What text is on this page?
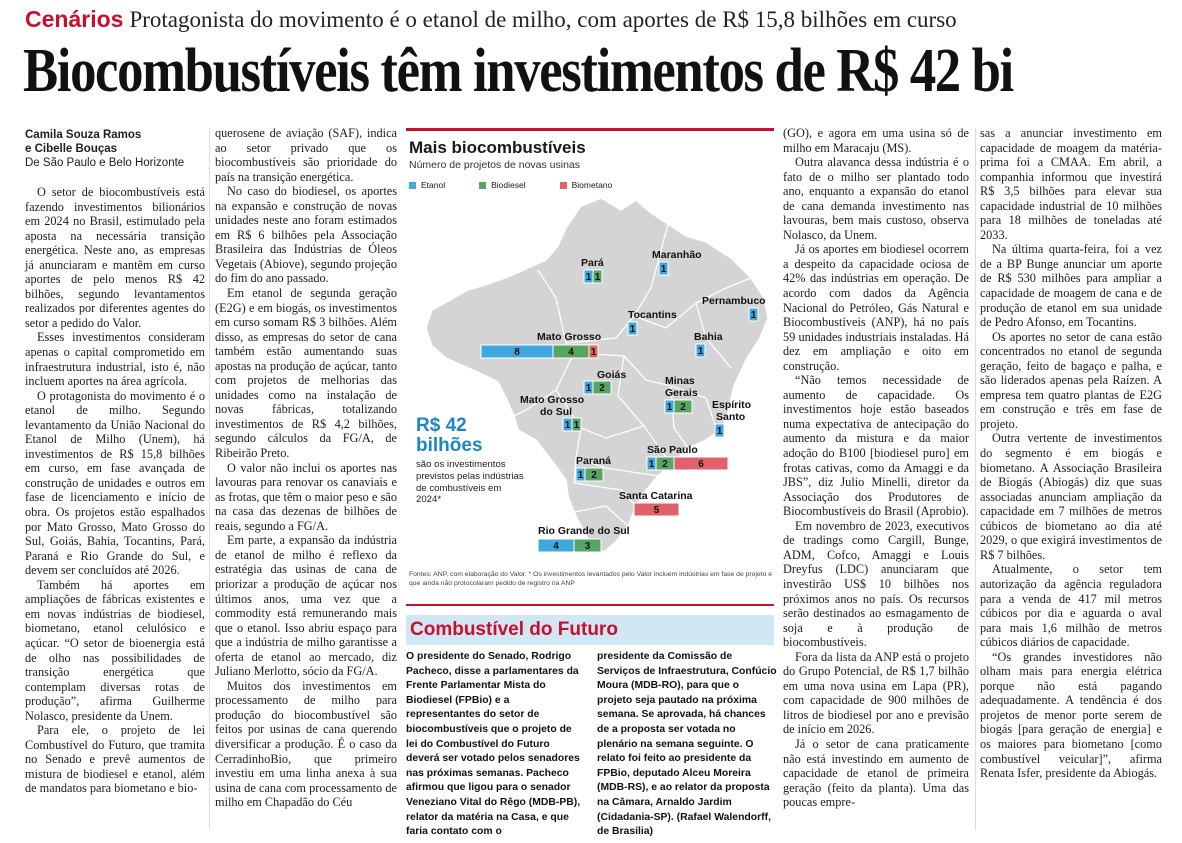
Cenários Protagonista do movimento é o etanol de milho, com aportes de R$ 15,8 bilhões em curso
Biocombustíveis têm investimentos de R$ 42 bi
Camila Souza Ramos
e Cibelle Bouças
De São Paulo e Belo Horizonte

O setor de biocombustíveis está fazendo investimentos bilionários em 2024 no Brasil, estimulado pela aposta na necessária transição energética. Neste ano, as empresas já anunciaram e mantêm em curso aportes de pelo menos R$ 42 bilhões, segundo levantamentos realizados por diferentes agentes do setor a pedido do Valor.

Esses investimentos consideram apenas o capital comprometido em infraestrutura industrial, isto é, não incluem aportes na área agrícola.

O protagonista do movimento é o etanol de milho. Segundo levantamento da União Nacional do Etanol de Milho (Unem), há investimentos de R$ 15,8 bilhões em curso, em fase avançada de construção de unidades e outros em fase de licenciamento e início de obra. Os projetos estão espalhados por Mato Grosso, Mato Grosso do Sul, Goiás, Bahia, Tocantins, Pará, Paraná e Rio Grande do Sul, e devem ser concluídos até 2026.

Também há aportes em ampliações de fábricas existentes e em novas indústrias de biodiesel, biometano, etanol celulósico e açúcar. “O setor de bioenergia está de olho nas possibilidades de transição energética que contemplam diversas rotas de produção”, afirma Guilherme Nolasco, presidente da Unem.

Para ele, o projeto de lei Combustível do Futuro, que tramita no Senado e prevê aumentos de mistura de biodiesel e etanol, além de mandatos para biometano e bio-

querosene de aviação (SAF), indica ao setor privado que os biocombustíveis são prioridade do país na transição energética.

No caso do biodiesel, os aportes na expansão e construção de novas unidades neste ano foram estimados em R$ 6 bilhões pela Associação Brasileira das Indústrias de Óleos Vegetais (Abiove), segundo projeção do fim do ano passado.

Em etanol de segunda geração (E2G) e em biogás, os investimentos em curso somam R$ 3 bilhões. Além disso, as empresas do setor de cana também estão aumentando suas apostas na produção de açúcar, tanto com projetos de melhorias das unidades como na instalação de novas fábricas, totalizando investimentos de R$ 4,2 bilhões, segundo cálculos da FG/A, de Ribeirão Preto.

O valor não inclui os aportes nas lavouras para renovar os canaviais e as frotas, que têm o maior peso e são na casa das dezenas de bilhões de reais, segundo a FG/A.

Em parte, a expansão da indústria de etanol de milho é reflexo da estratégia das usinas de cana de priorizar a produção de açúcar nos últimos anos, uma vez que a commodity está remunerando mais que o etanol. Isso abriu espaço para que a indústria de milho garantisse a oferta de etanol ao mercado, diz Juliano Merlotto, sócio da FG/A.

Muitos dos investimentos em processamento de milho para produção do biocombustível são feitos por usinas de cana querendo diversificar a produção. É o caso da CerradinhoBio, que primeiro investiu em uma linha anexa à sua usina de cana com processamento de milho em Chapadão do Céu

Mais biocombustíveis
Número de projetos de novas usinas
Etanol	Biodiesel	Biometano
Pará
Maranhão
Pernambuco
Tocantins
Bahia
Mato Grosso
Goiás	Minas
Gerais
Espírito
Santo
Mato Grosso
do Sul
São Paulo
Paraná
Santa Catarina
Rio Grande do Sul
1 1
1
1
1
1
8	4 1
1 2
1 2
1
1 1
1 2	6
1 2
5
4	3
R$ 42
bilhões
são os investimentos previstos pelas indústrias de combustíveis em 2024*
Fontes: ANP, com elaboração do Valor. * Os investimentos levantados pelo Valor incluem indústrias em fase de projeto e que ainda não protocolaram pedido de registro na ANP
Combustível do Futuro
O presidente do Senado, Rodrigo Pacheco, disse a parlamentares da Frente Parlamentar Mista do Biodiesel (FPBio) e a representantes do setor de biocombustíveis que o projeto de lei do Combustível do Futuro deverá ser votado pelos senadores nas próximas semanas. Pacheco afirmou que ligou para o senador Veneziano Vital do Rêgo (MDB-PB), relator da matéria na Casa, e que faria contato com o
presidente da Comissão de Serviços de Infraestrutura, Confúcio Moura (MDB-RO), para que o projeto seja pautado na próxima semana. Se aprovada, há chances de a proposta ser votada no plenário na semana seguinte. O relato foi feito ao presidente da FPBio, deputado Alceu Moreira (MDB-RS), e ao relator da proposta na Câmara, Arnaldo Jardim (Cidadania-SP). (Rafael Walendorff, de Brasília)

(GO), e agora em uma usina só de milho em Maracaju (MS).

Outra alavanca dessa indústria é o fato de o milho ser plantado todo ano, enquanto a expansão do etanol de cana demanda investimento nas lavouras, bem mais custoso, observa Nolasco, da Unem.

Já os aportes em biodiesel ocorrem a despeito da capacidade ociosa de 42% das indústrias em operação. De acordo com dados da Agência Nacional do Petróleo, Gás Natural e Biocombustíveis (ANP), há no país 59 unidades industriais instaladas. Há dez em ampliação e oito em construção.

“Não temos necessidade de aumento de capacidade. Os investimentos hoje estão baseados numa expectativa de antecipação do aumento da mistura e da maior adoção do B100 [biodiesel puro] em frotas cativas, como da Amaggi e da JBS”, diz Julio Minelli, diretor da Associação dos Produtores de Biocombustíveis do Brasil (Aprobio).

Em novembro de 2023, executivos de tradings como Cargill, Bunge, ADM, Cofco, Amaggi e Louis Dreyfus (LDC) anunciaram que investirão US$ 10 bilhões nos próximos anos no país. Os recursos serão destinados ao esmagamento de soja e à produção de biocombustíveis.

Fora da lista da ANP está o projeto do Grupo Potencial, de R$ 1,7 bilhão em uma nova usina em Lapa (PR), com capacidade de 900 milhões de litros de biodiesel por ano e previsão de início em 2026.

Já o setor de cana praticamente não está investindo em aumento de capacidade de etanol de primeira geração (feito da planta). Uma das poucas empre-

sas a anunciar investimento em capacidade de moagem da matéria-prima foi a CMAA. Em abril, a companhia informou que investirá R$ 3,5 bilhões para elevar sua capacidade industrial de 10 milhões para 18 milhões de toneladas até 2033.

Na última quarta-feira, foi a vez de a BP Bunge anunciar um aporte de R$ 530 milhões para ampliar a capacidade de moagem de cana e de produção de etanol em sua unidade de Pedro Afonso, em Tocantins.

Os aportes no setor de cana estão concentrados no etanol de segunda geração, feito de bagaço e palha, e são liderados apenas pela Raízen. A empresa tem quatro plantas de E2G em construção e três em fase de projeto.

Outra vertente de investimentos do segmento é em biogás e biometano. A Associação Brasileira de Biogás (Abiogás) diz que suas associadas anunciam ampliação da capacidade em 7 milhões de metros cúbicos de biometano ao dia até 2029, o que exigirá investimentos de R$ 7 bilhões.

Atualmente, o setor tem autorização da agência reguladora para a venda de 417 mil metros cúbicos por dia e aguarda o aval para mais 1,6 milhão de metros cúbicos diários de capacidade.

“Os grandes investidores não olham mais para energia elétrica porque não está pagando adequadamente. A tendência é dos projetos de menor porte serem de biogás [para geração de energia] e os maiores para biometano [como combustível veicular]”, afirma Renata Isfer, presidente da Abiogás.
